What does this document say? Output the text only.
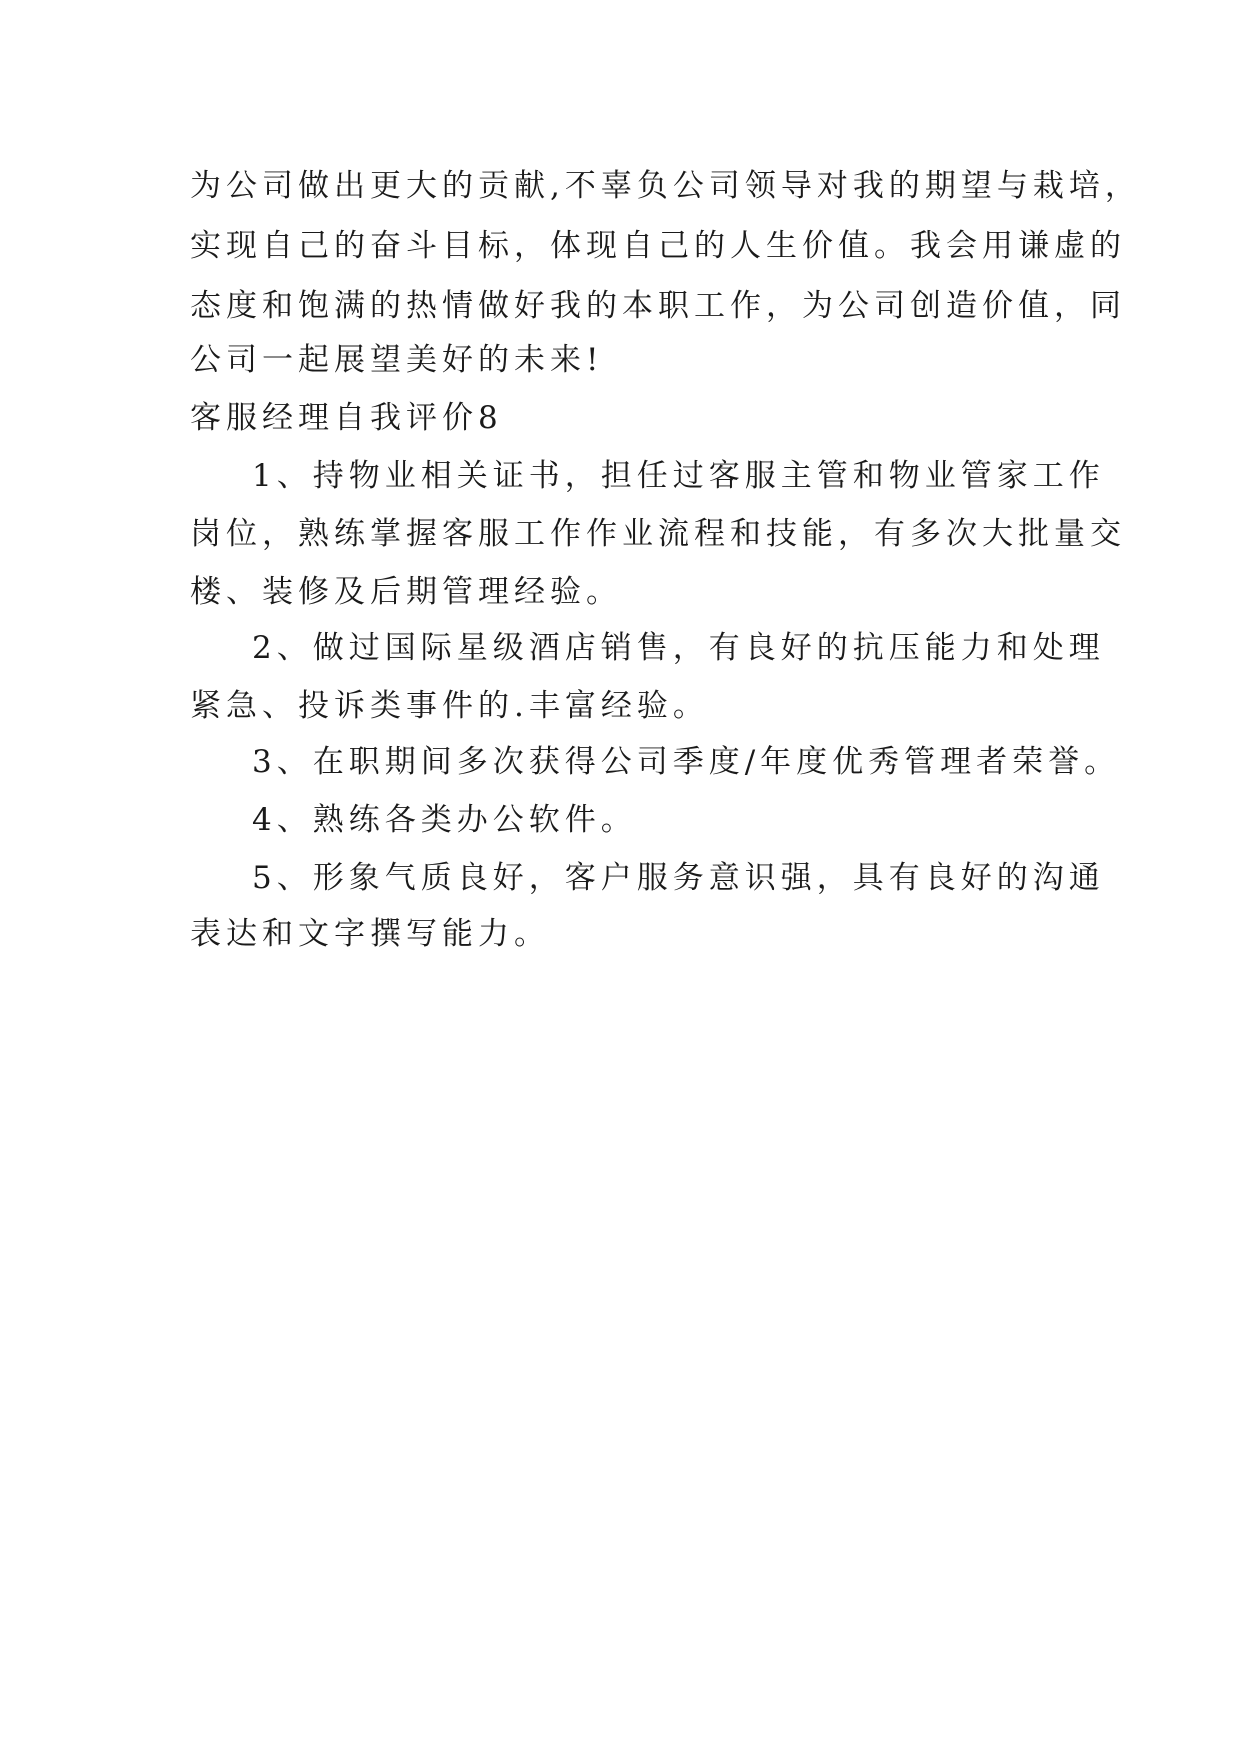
为公司做出更大的贡献,不辜负公司领导对我的期望与栽培，
实现自己的奋斗目标，体现自己的人生价值。我会用谦虚的
态度和饱满的热情做好我的本职工作，为公司创造价值，同
公司一起展望美好的未来!
客服经理自我评价8
1、持物业相关证书，担任过客服主管和物业管家工作
岗位，熟练掌握客服工作作业流程和技能，有多次大批量交
楼、装修及后期管理经验。
2、做过国际星级酒店销售，有良好的抗压能力和处理
紧急、投诉类事件的.丰富经验。
3、在职期间多次获得公司季度/年度优秀管理者荣誉。
4、熟练各类办公软件。
5、形象气质良好，客户服务意识强，具有良好的沟通
表达和文字撰写能力。
